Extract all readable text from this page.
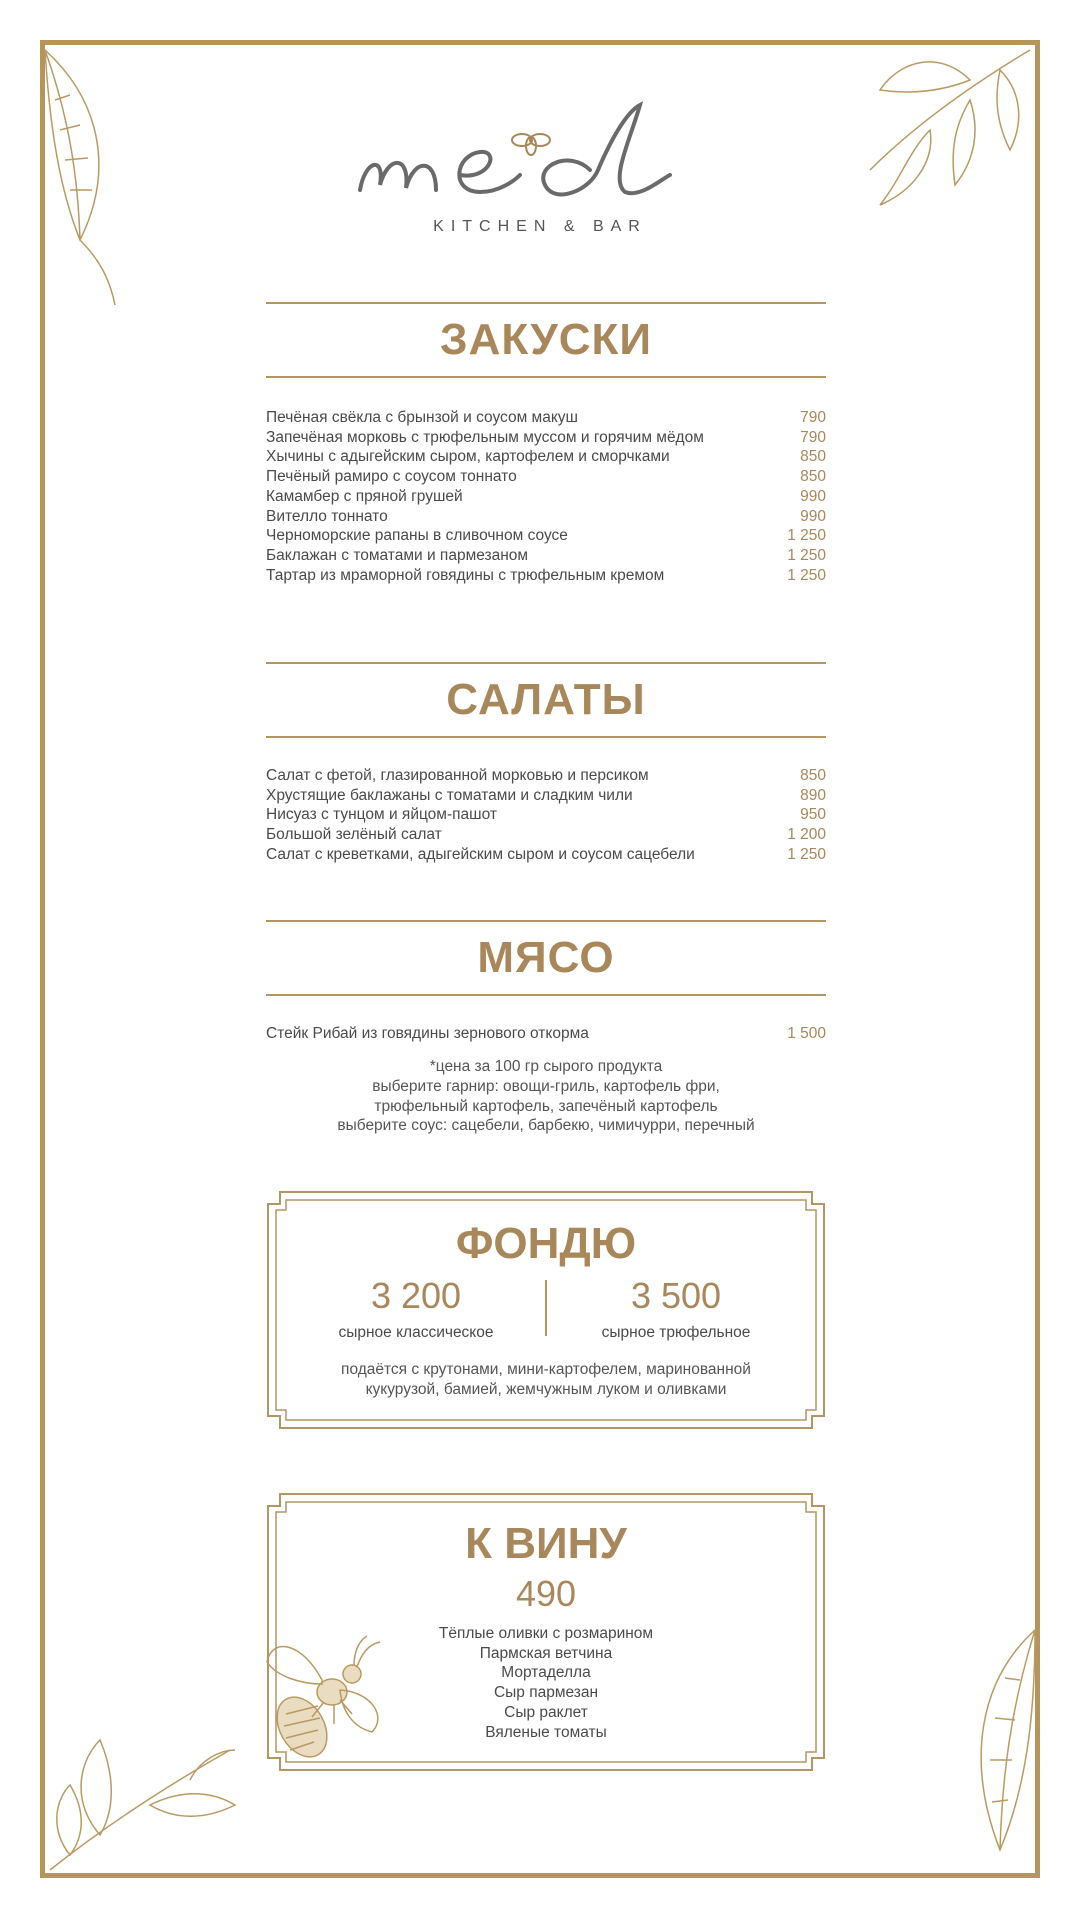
KITCHEN & BAR
ЗАКУСКИ
Печёная свёкла с брынзой и соусом макуш	790
Запечёная морковь с трюфельным муссом и горячим мёдом	790
Хычины с адыгейским сыром, картофелем и сморчками	850
Печёный рамиро с соусом тоннато	850
Камамбер с пряной грушей	990
Вителло тоннато	990
Черноморские рапаны в сливочном соусе	1 250
Баклажан с томатами и пармезаном	1 250
Тартар из мраморной говядины с трюфельным кремом	1 250
САЛАТЫ
Салат с фетой, глазированной морковью и персиком	850
Хрустящие баклажаны с томатами и сладким чили	890
Нисуаз с тунцом и яйцом-пашот	950
Большой зелёный салат	1 200
Салат с креветками, адыгейским сыром и соусом сацебели	1 250
МЯСО
Стейк Рибай из говядины зернового откорма	1 500
*цена за 100 гр сырого продукта
выберите гарнир: овощи-гриль, картофель фри,
трюфельный картофель, запечёный картофель
выберите соус: сацебели, барбекю, чимичурри, перечный
ФОНДЮ
3 200	3 500
сырное классическое	сырное трюфельное
подаётся с крутонами, мини-картофелем, маринованной
кукурузой, бамией, жемчужным луком и оливками
К ВИНУ
490
Тёплые оливки с розмарином
Пармская ветчина
Мортаделла
Сыр пармезан
Сыр раклет
Вяленые томаты
